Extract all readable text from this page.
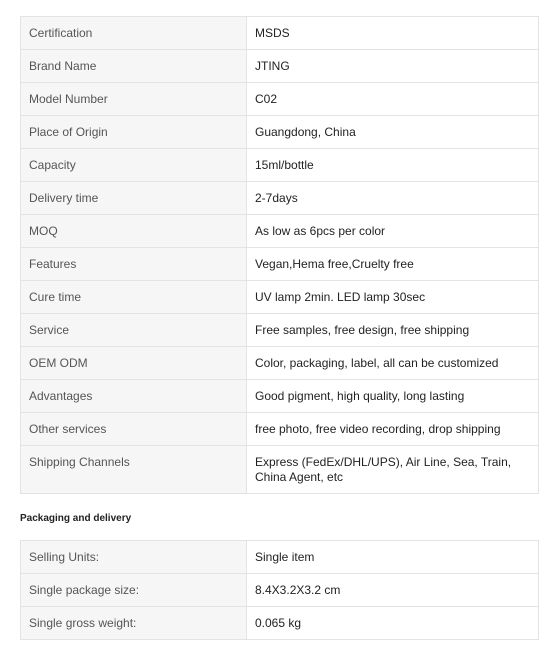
Certification	MSDS
Brand Name	JTING
Model Number	C02
Place of Origin	Guangdong, China
Capacity	15ml/bottle
Delivery time	2-7days
MOQ	As low as 6pcs per color
Features	Vegan,Hema free,Cruelty free
Cure time	UV lamp 2min. LED lamp 30sec
Service	Free samples, free design, free shipping
OEM ODM	Color, packaging, label, all can be customized
Advantages	Good pigment, high quality, long lasting
Other services	free photo, free video recording, drop shipping
Shipping Channels	Express (FedEx/DHL/UPS), Air Line, Sea, Train, China Agent, etc
Packaging and delivery
Selling Units:	Single item
Single package size:	8.4X3.2X3.2 cm
Single gross weight:	0.065 kg
